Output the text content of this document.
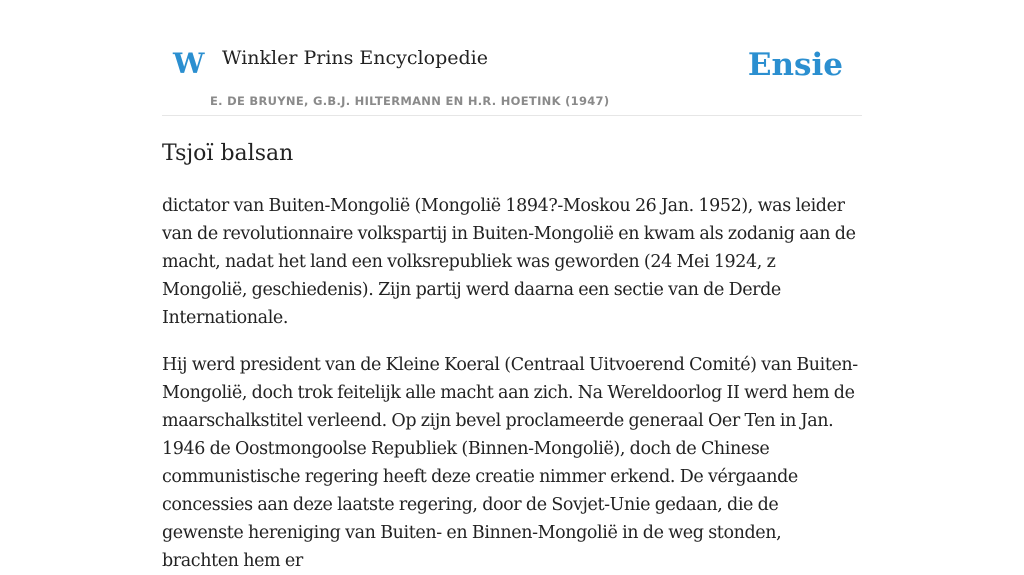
W Winkler Prins Encyclopedie
E. DE BRUYNE, G.B.J. HILTERMANN EN H.R. HOETINK (1947)
Ensie
Tsjoï balsan

dictator van Buiten-Mongolië (Mongolië 1894?-Moskou 26 Jan. 1952), was leider van de revolutionnaire volkspartij in Buiten-Mongolië en kwam als zodanig aan de macht, nadat het land een volksrepubliek was geworden (24 Mei 1924, z Mongolië, geschiedenis). Zijn partij werd daarna een sectie van de Derde Internationale.

Hij werd president van de Kleine Koeral (Centraal Uitvoerend Comité) van Buiten-Mongolië, doch trok feitelijk alle macht aan zich. Na Wereldoorlog II werd hem de maarschalkstitel verleend. Op zijn bevel proclameerde generaal Oer Ten in Jan. 1946 de Oostmongoolse Republiek (Binnen-Mongolië), doch de Chinese communistische regering heeft deze creatie nimmer erkend. De vérgaande concessies aan deze laatste regering, door de Sovjet-Unie gedaan, die de gewenste hereniging van Buiten- en Binnen-Mongolië in de weg stonden, brachten hem er
